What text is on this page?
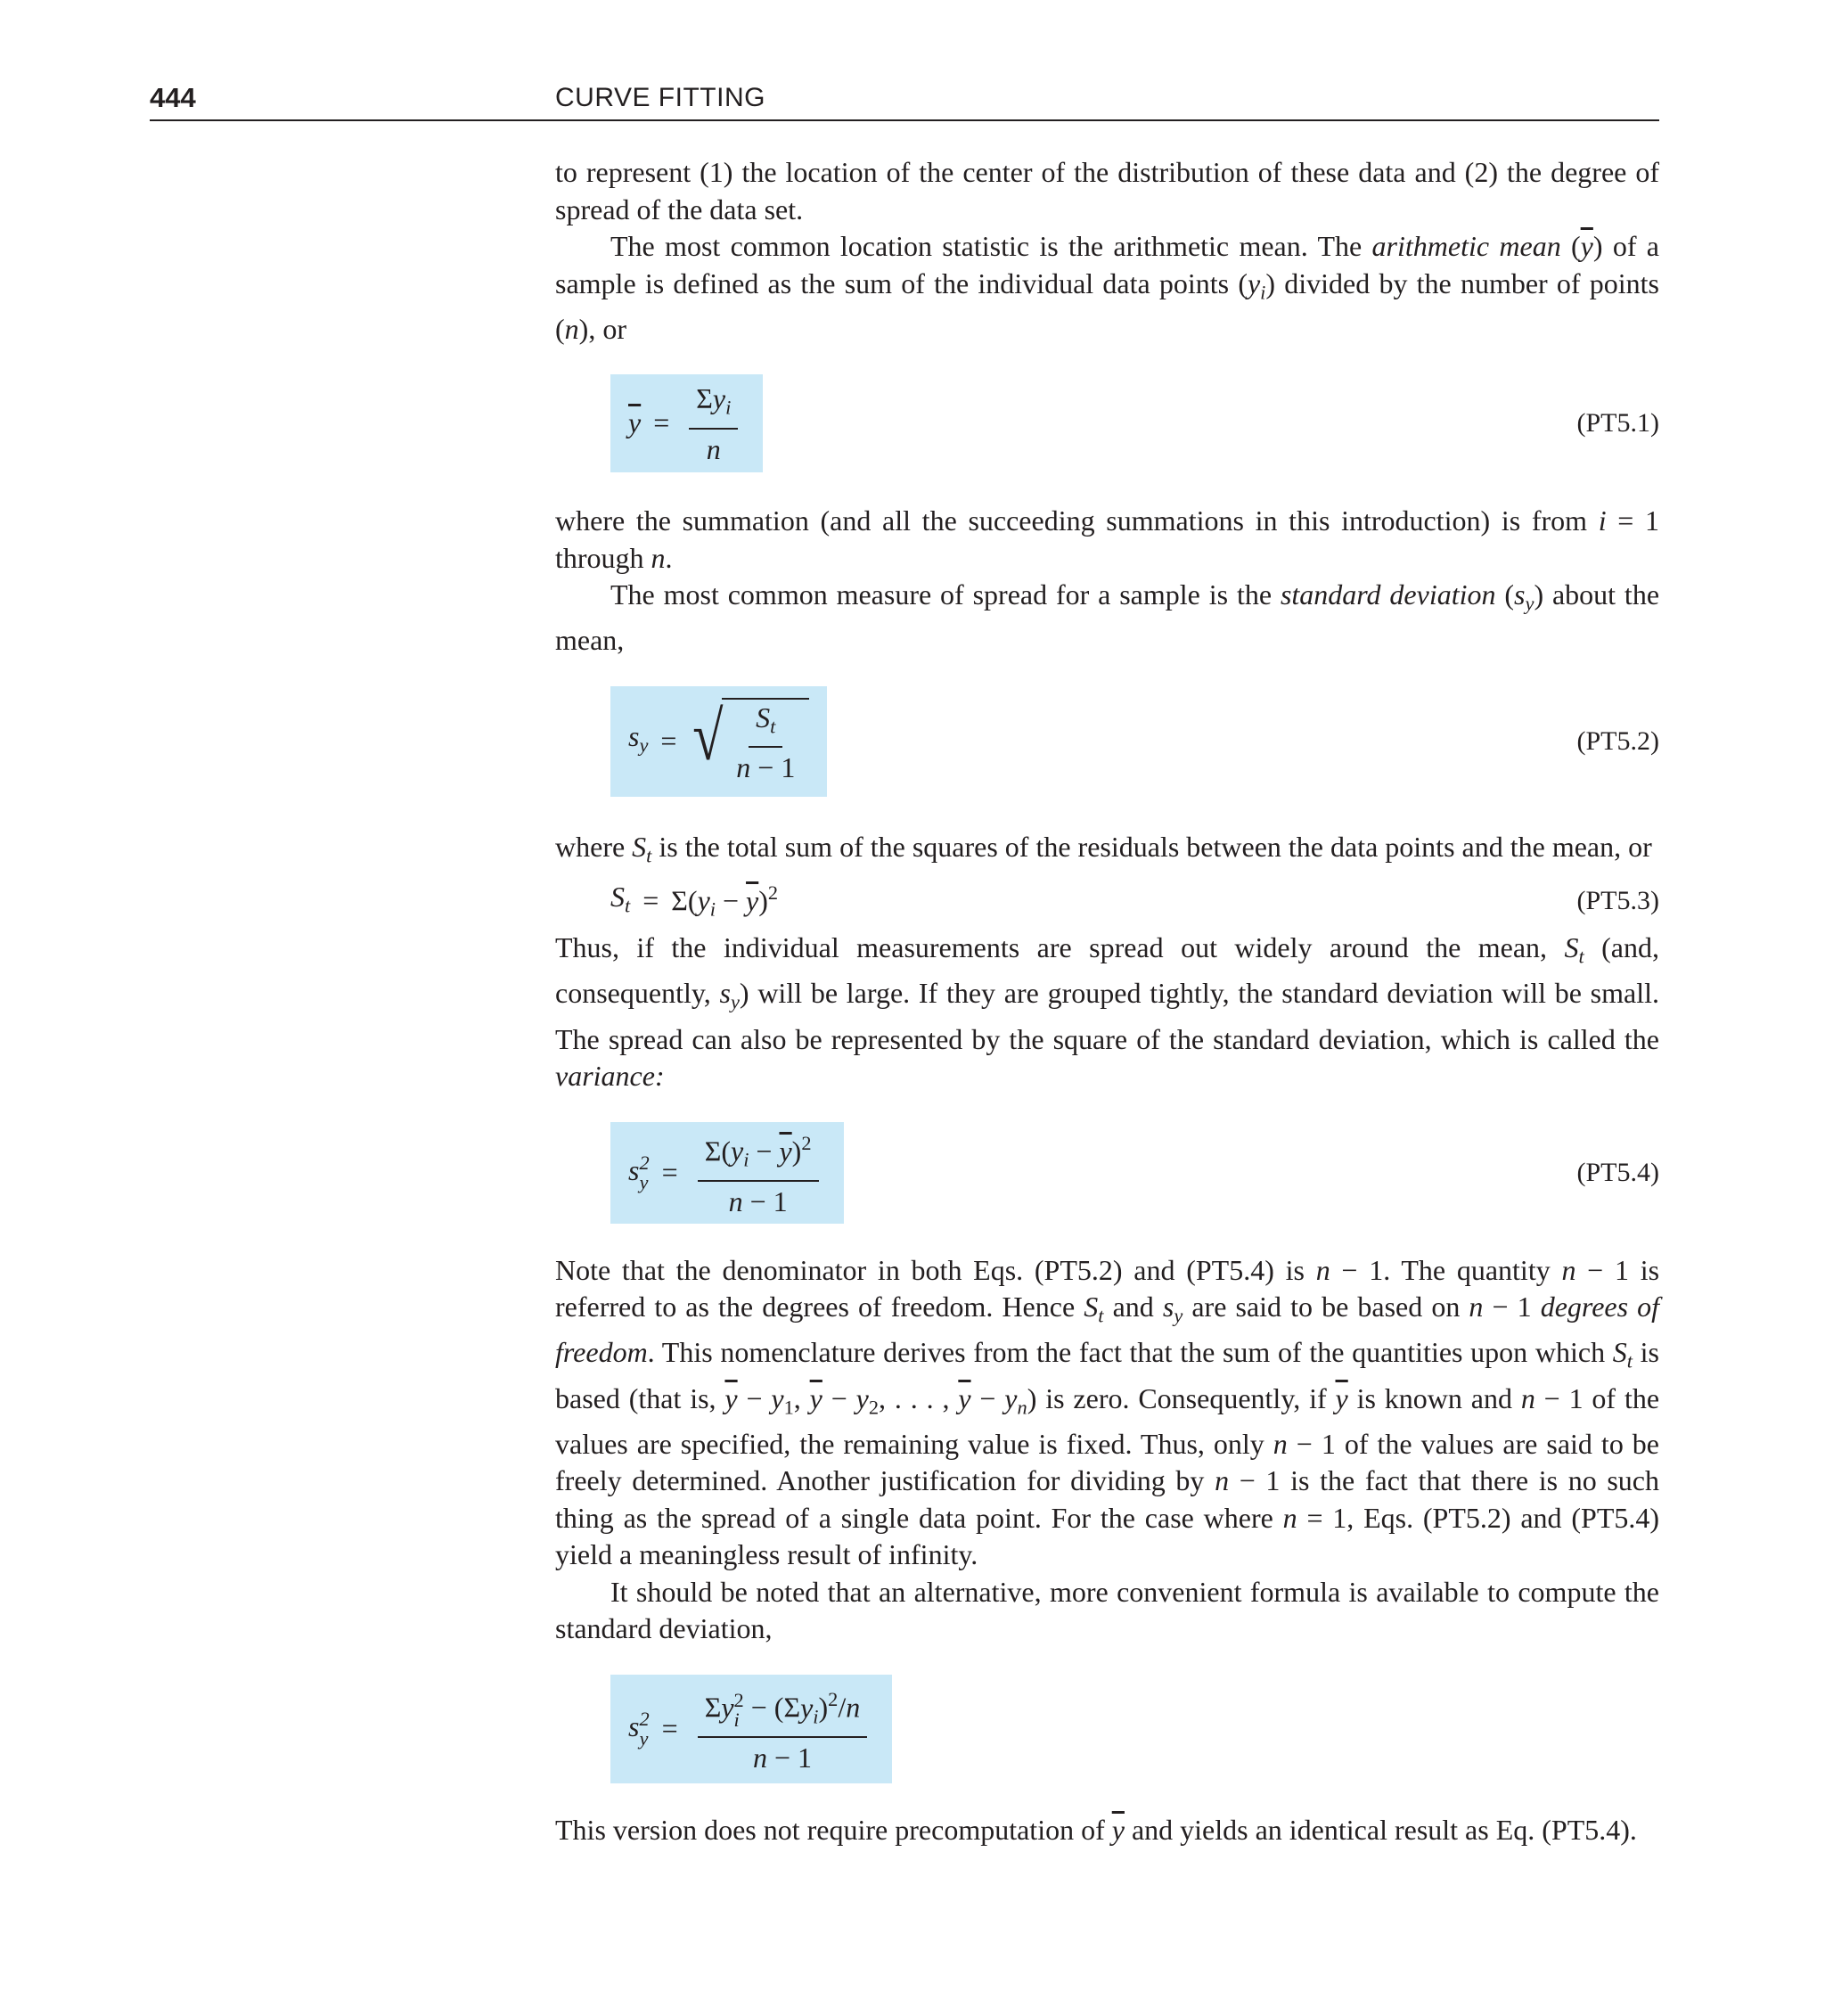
444	CURVE FITTING

to represent (1) the location of the center of the distribution of these data and (2) the degree of spread of the data set.

The most common location statistic is the arithmetic mean. The arithmetic mean $(\overline{y})$ of a sample is defined as the sum of the individual data points $(y_i)$ divided by the number of points (n), or

$\overline{y} = \frac{\Sigma y_i}{n}$	(PT5.1)

where the summation (and all the succeeding summations in this introduction) is from i = 1 through n.

The most common measure of spread for a sample is the standard deviation $(s_y)$ about the mean,

$s_y$ = √ $\frac{S_t}{n - 1}$	(PT5.2)

where $S_t$ is the total sum of the squares of the residuals between the data points and the mean, or

$S_t = \Sigma(y_i - \overline{y})^2$	(PT5.3)

Thus, if the individual measurements are spread out widely around the mean, $S_t$ (and, consequently, $s_y$) will be large. If they are grouped tightly, the standard deviation will be small. The spread can also be represented by the square of the standard deviation, which is called the variance:

s 2
$y = \frac{\Sigma(y_i - \overline{y})^2}{n - 1}$	(PT5.4)

Note that the denominator in both Eqs. (PT5.2) and (PT5.4) is n − 1. The quantity n − 1 is referred to as the degrees of freedom. Hence $S_t$ and $s_y$ are said to be based on n − 1 degrees of freedom. This nomenclature derives from the fact that the sum of the quantities upon which $S_t$ is based (that is, $\overline{y} - y_1$, $\overline{y} - y_2$, . . . , $\overline{y} - y_n$) is zero. Consequently, if $\overline{y}$ is known and n − 1 of the values are specified, the remaining value is fixed. Thus, only n − 1 of the values are said to be freely determined. Another justification for dividing by n − 1 is the fact that there is no such thing as the spread of a single data point. For the case where n = 1, Eqs. (PT5.2) and (PT5.4) yield a meaningless result of infinity.

It should be noted that an alternative, more convenient formula is available to compute the standard deviation,

s 2
y = Σy 2
$i - (\Sigma y_i)^2/n$
n − 1

This version does not require precomputation of $\overline{y}$ and yields an identical result as Eq. (PT5.4).
